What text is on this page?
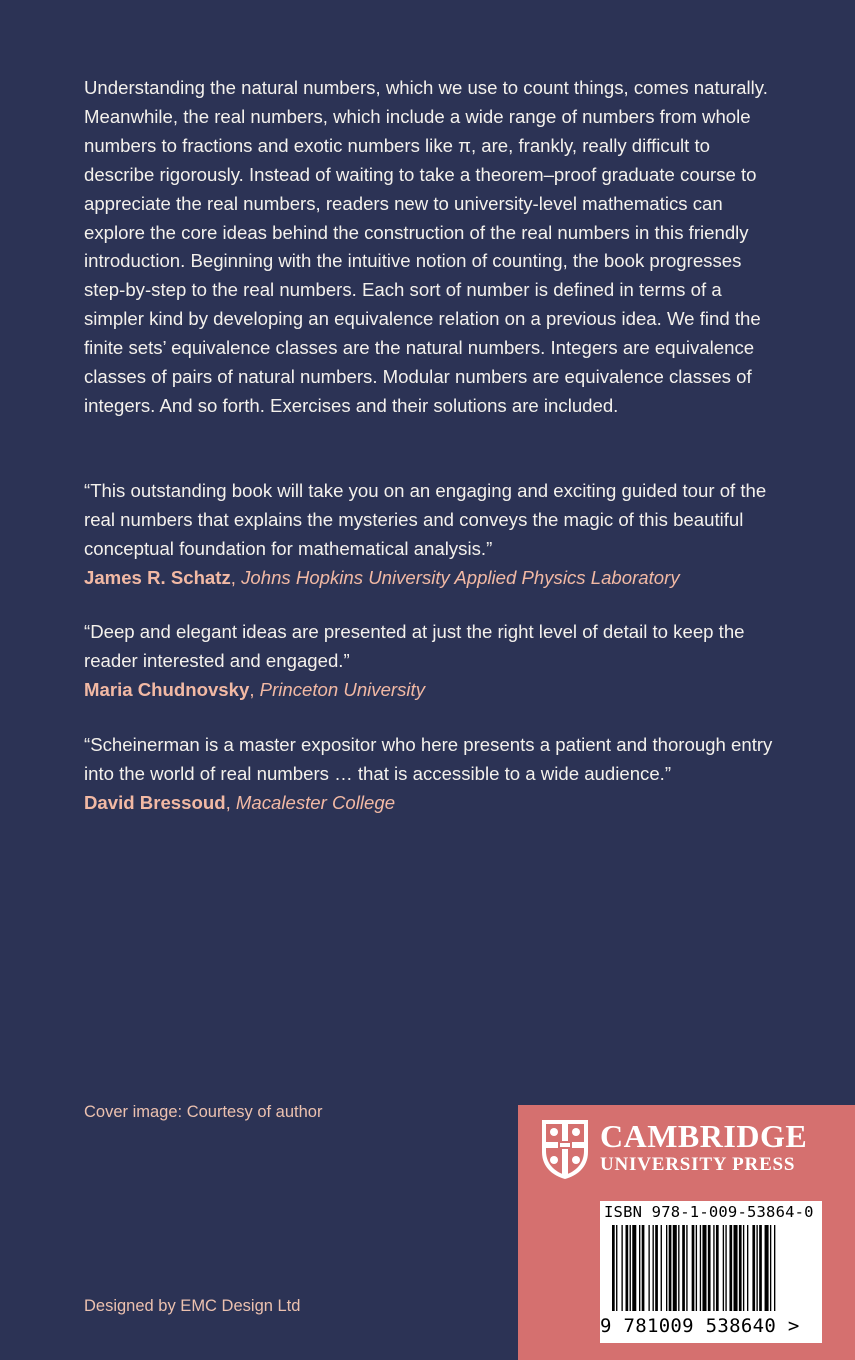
Understanding the natural numbers, which we use to count things, comes naturally. Meanwhile, the real numbers, which include a wide range of numbers from whole numbers to fractions and exotic numbers like π, are, frankly, really difficult to describe rigorously. Instead of waiting to take a theorem–proof graduate course to appreciate the real numbers, readers new to university-level mathematics can explore the core ideas behind the construction of the real numbers in this friendly introduction. Beginning with the intuitive notion of counting, the book progresses step-by-step to the real numbers. Each sort of number is defined in terms of a simpler kind by developing an equivalence relation on a previous idea. We find the finite sets’ equivalence classes are the natural numbers. Integers are equivalence classes of pairs of natural numbers. Modular numbers are equivalence classes of integers. And so forth. Exercises and their solutions are included.

“This outstanding book will take you on an engaging and exciting guided tour of the real numbers that explains the mysteries and conveys the magic of this beautiful conceptual foundation for mathematical analysis.”
James R. Schatz, Johns Hopkins University Applied Physics Laboratory
“Deep and elegant ideas are presented at just the right level of detail to keep the reader interested and engaged.”
Maria Chudnovsky, Princeton University
“Scheinerman is a master expositor who here presents a patient and thorough entry into the world of real numbers … that is accessible to a wide audience.”
David Bressoud, Macalester College

Cover image: Courtesy of author

Designed by EMC Design Ltd

CAMBRIDGE
UNIVERSITY PRESS
ISBN 978-1-009-53864-0
9 781009 538640 >
